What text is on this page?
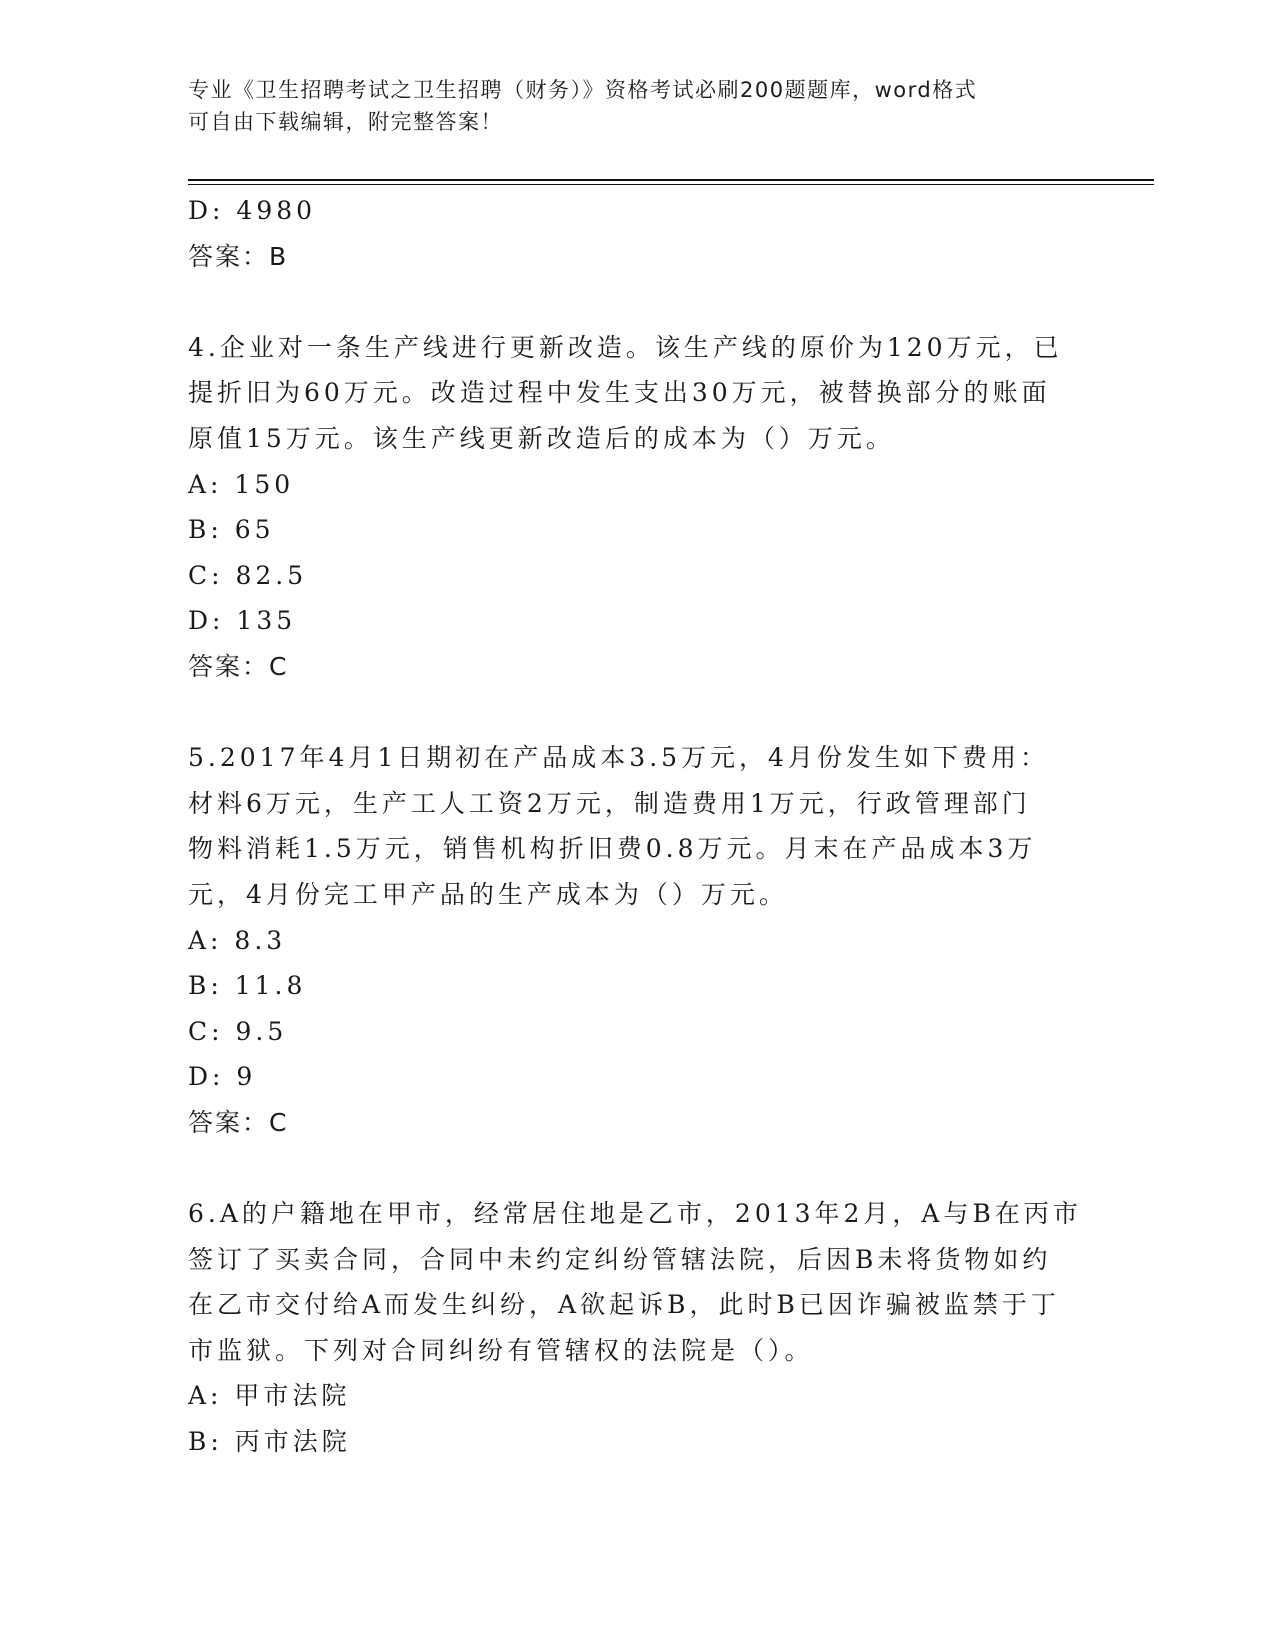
专业《卫生招聘考试之卫生招聘（财务）》资格考试必刷200题题库，word格式
可自由下载编辑，附完整答案！
D: 4980
答案：B
4.企业对一条生产线进行更新改造。该生产线的原价为120万元，已
提折旧为60万元。改造过程中发生支出30万元，被替换部分的账面
原值15万元。该生产线更新改造后的成本为（）万元。
A: 150
B: 65
C: 82.5
D: 135
答案：C
5.2017年4月1日期初在产品成本3.5万元，4月份发生如下费用：
材料6万元，生产工人工资2万元，制造费用1万元，行政管理部门
物料消耗1.5万元，销售机构折旧费0.8万元。月末在产品成本3万
元，4月份完工甲产品的生产成本为（）万元。
A: 8.3
B: 11.8
C: 9.5
D: 9
答案：C
6.A的户籍地在甲市，经常居住地是乙市，2013年2月，A与B在丙市
签订了买卖合同，合同中未约定纠纷管辖法院，后因B未将货物如约
在乙市交付给A而发生纠纷，A欲起诉B，此时B已因诈骗被监禁于丁
市监狱。下列对合同纠纷有管辖权的法院是（）。
A: 甲市法院
B: 丙市法院
